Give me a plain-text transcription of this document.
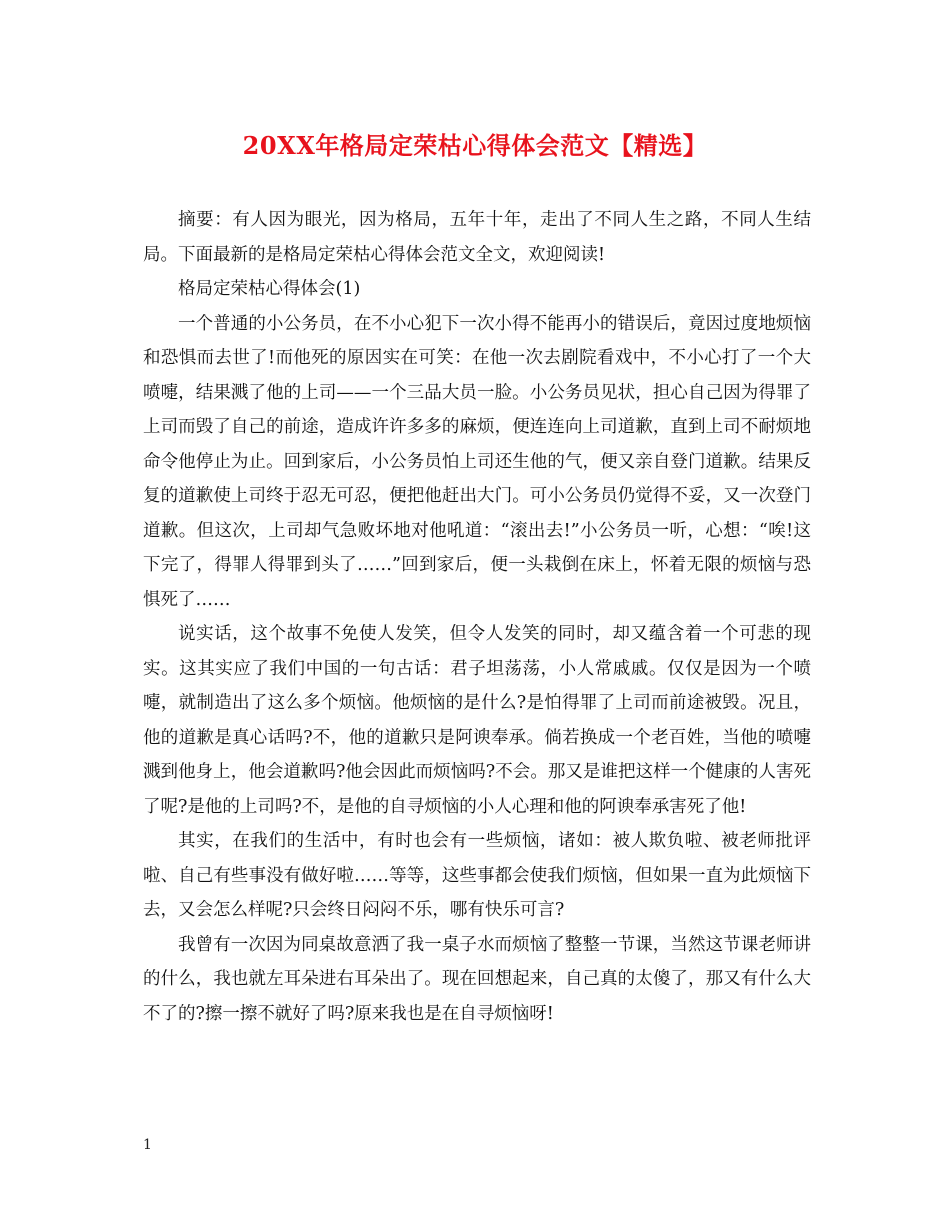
20XX年格局定荣枯心得体会范文【精选】

摘要：有人因为眼光，因为格局，五年十年，走出了不同人生之路，不同人生结局。下面最新的是格局定荣枯心得体会范文全文，欢迎阅读!

格局定荣枯心得体会(1)

一个普通的小公务员，在不小心犯下一次小得不能再小的错误后，竟因过度地烦恼和恐惧而去世了!而他死的原因实在可笑：在他一次去剧院看戏中，不小心打了一个大喷嚏，结果溅了他的上司——一个三品大员一脸。小公务员见状，担心自己因为得罪了上司而毁了自己的前途，造成许许多多的麻烦，便连连向上司道歉，直到上司不耐烦地命令他停止为止。回到家后，小公务员怕上司还生他的气，便又亲自登门道歉。结果反复的道歉使上司终于忍无可忍，便把他赶出大门。可小公务员仍觉得不妥，又一次登门道歉。但这次，上司却气急败坏地对他吼道：“滚出去!”小公务员一听，心想：“唉!这下完了，得罪人得罪到头了……”回到家后，便一头栽倒在床上，怀着无限的烦恼与恐惧死了……

说实话，这个故事不免使人发笑，但令人发笑的同时，却又蕴含着一个可悲的现实。这其实应了我们中国的一句古话：君子坦荡荡，小人常戚戚。仅仅是因为一个喷嚏，就制造出了这么多个烦恼。他烦恼的是什么?是怕得罪了上司而前途被毁。况且，他的道歉是真心话吗?不，他的道歉只是阿谀奉承。倘若换成一个老百姓，当他的喷嚏溅到他身上，他会道歉吗?他会因此而烦恼吗?不会。那又是谁把这样一个健康的人害死了呢?是他的上司吗?不，是他的自寻烦恼的小人心理和他的阿谀奉承害死了他!

其实，在我们的生活中，有时也会有一些烦恼，诸如：被人欺负啦、被老师批评啦、自己有些事没有做好啦……等等，这些事都会使我们烦恼，但如果一直为此烦恼下去，又会怎么样呢?只会终日闷闷不乐，哪有快乐可言?

我曾有一次因为同桌故意洒了我一桌子水而烦恼了整整一节课，当然这节课老师讲的什么，我也就左耳朵进右耳朵出了。现在回想起来，自己真的太傻了，那又有什么大不了的?擦一擦不就好了吗?原来我也是在自寻烦恼呀!

1
